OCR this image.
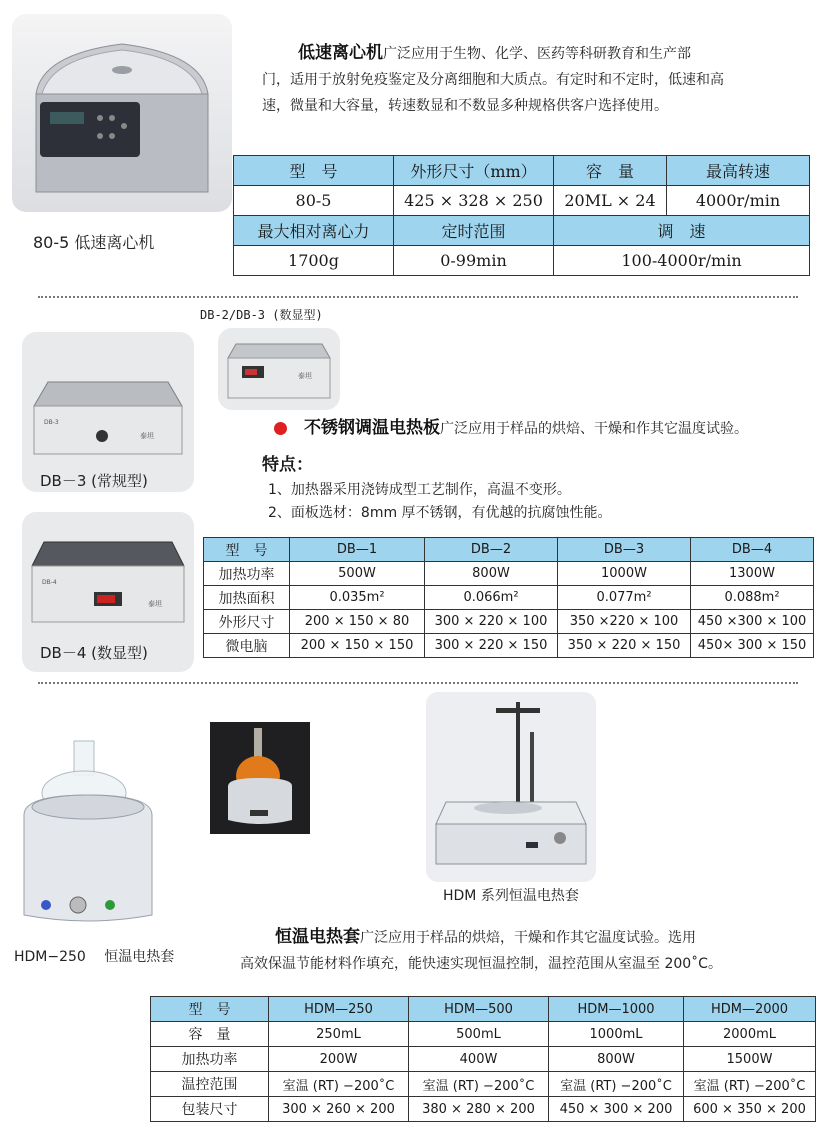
80-5 低速离心机
低速离心机广泛应用于生物、化学、医药等科研教育和生产部
门，适用于放射免疫鉴定及分离细胞和大质点。有定时和不定时，低速和高
速，微量和大容量，转速数显和不数显多种规格供客户选择使用。
型　号	外形尺寸（mm）	容　量	最高转速
80-5	425 × 328 × 250	20ML × 24	4000r/min
最大相对离心力	定时范围	调　速	
1700g	0-99min	100-4000r/min	
DB-2/DB-3 (数显型)
泰坦
DB-3
泰坦
DB－3 (常规型)
DB-4
泰坦
DB－4 (数显型)
不锈钢调温电热板广泛应用于样品的烘焙、干燥和作其它温度试验。
特点：
1、加热器采用浇铸成型工艺制作，高温不变形。
2、面板选材：8mm 厚不锈钢，有优越的抗腐蚀性能。
型　号	DB—1	DB—2	DB—3	DB—4
加热功率	500W	800W	1000W	1300W
加热面积	0.035m²	0.066m²	0.077m²	0.088m²
外形尺寸	200 × 150 × 80	300 × 220 × 100	350 ×220 × 100	450 ×300 × 100
微电脑	200 × 150 × 150	300 × 220 × 150	350 × 220 × 150	450× 300 × 150
HDM−250　 恒温电热套
HDM 系列恒温电热套
恒温电热套广泛应用于样品的烘焙，干燥和作其它温度试验。选用
高效保温节能材料作填充，能快速实现恒温控制，温控范围从室温至 200˚C。
型　号	HDM—250	HDM—500	HDM—1000	HDM—2000
容　量	250mL	500mL	1000mL	2000mL
加热功率	200W	400W	800W	1500W
温控范围	室温 (RT) −200˚C	室温 (RT) −200˚C	室温 (RT) −200˚C	室温 (RT) −200˚C
包装尺寸	300 × 260 × 200	380 × 280 × 200	450 × 300 × 200	600 × 350 × 200
